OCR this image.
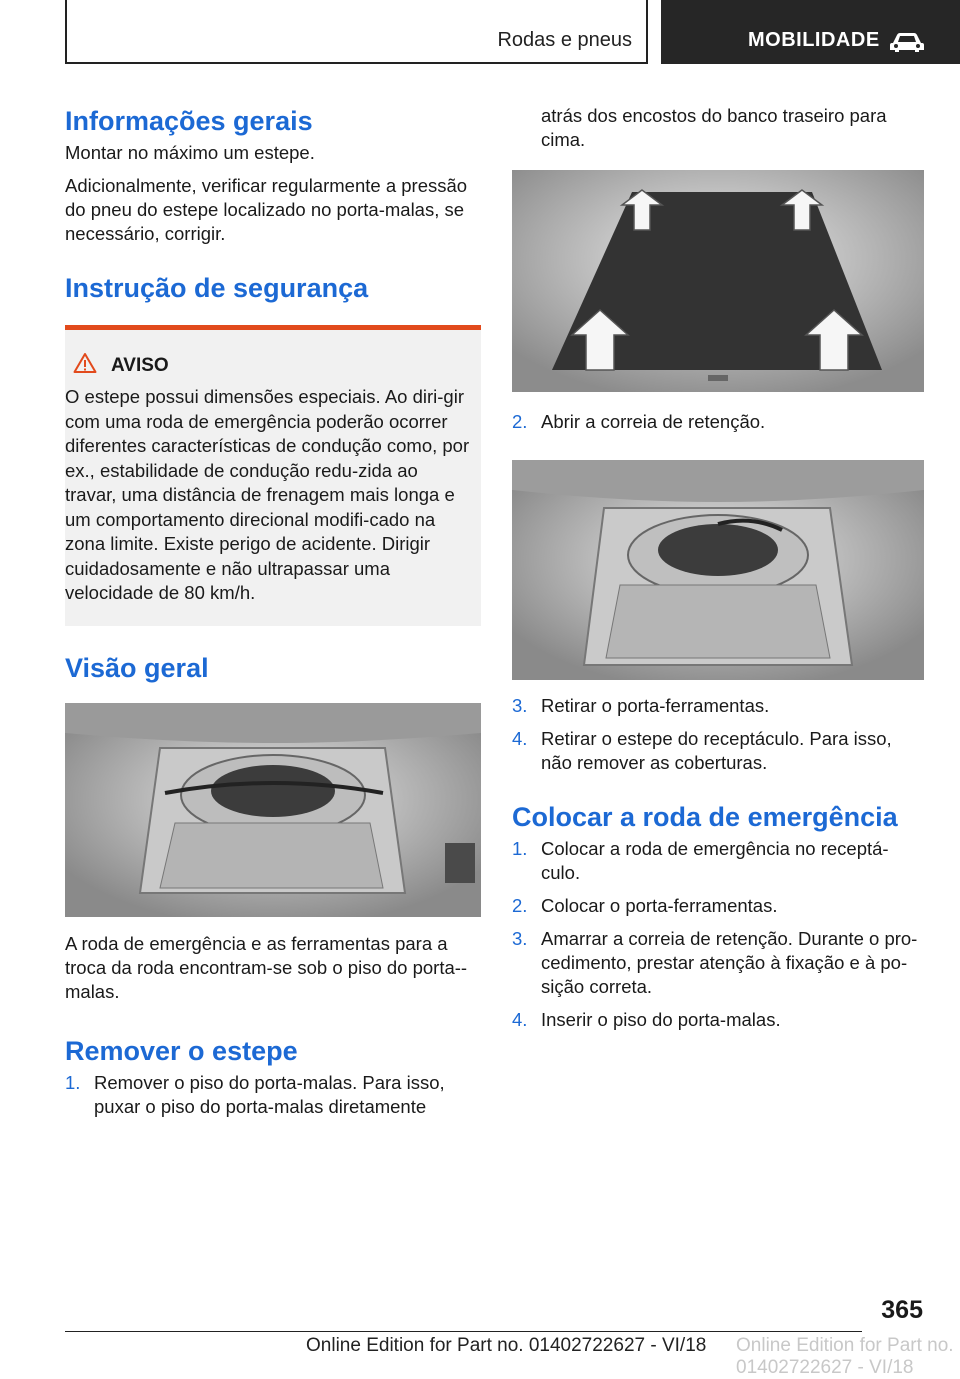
Rodas e pneus	MOBILIDADE
Informações gerais

Montar no máximo um estepe.

Adicionalmente, verificar regularmente a pressão do pneu do estepe localizado no porta-malas, se necessário, corrigir.

Instrução de segurança
AVISO
O estepe possui dimensões especiais. Ao diri-gir com uma roda de emergência poderão ocorrer diferentes características de condução como, por ex., estabilidade de condução redu-zida ao travar, uma distância de frenagem mais longa e um comportamento direcional modifi-cado na zona limite. Existe perigo de acidente. Dirigir cuidadosamente e não ultrapassar uma velocidade de 80 km/h.
Visão geral

A roda de emergência e as ferramentas para a troca da roda encontram-se sob o piso do porta--malas.

Remover o estepe
1. Remover o piso do porta-malas. Para isso, puxar o piso do porta-malas diretamente
atrás dos encostos do banco traseiro para cima.
2. Abrir a correia de retenção.
3. Retirar o porta-ferramentas.
4. Retirar o estepe do receptáculo. Para isso, não remover as coberturas.
Colocar a roda de emergência
1. Colocar a roda de emergência no receptá-culo.
2. Colocar o porta-ferramentas.
3. Amarrar a correia de retenção. Durante o pro-cedimento, prestar atenção à fixação e à po-sição correta.
4. Inserir o piso do porta-malas.
365
Online Edition for Part no. 01402722627 - VI/18 Online Edition for Part no. 01402722627 - VI/18
